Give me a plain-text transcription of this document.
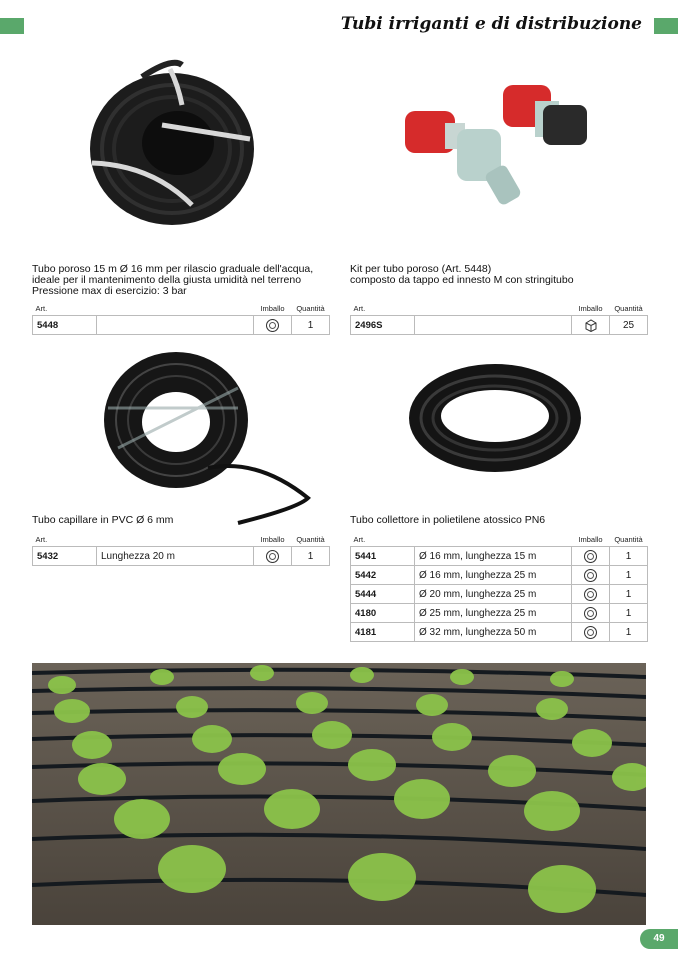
Tubi irriganti e di distribuzione
Tubo poroso 15 m Ø 16 mm per rilascio graduale dell'acqua,
ideale per il mantenimento della giusta umidità nel terreno
Pressione max di esercizio: 3 bar
Kit per tubo poroso (Art. 5448)
composto da tappo ed innesto M con stringitubo
Tubo capillare in PVC Ø 6 mm	Tubo collettore in polietilene atossico PN6
Art.		Imballo	Quantità
5448			1
Art.		Imballo	Quantità
2496S			25
Art.		Imballo	Quantità
5432	Lunghezza 20 m		1
Art.		Imballo	Quantità
5441	Ø 16 mm, lunghezza 15 m		1
5442	Ø 16 mm, lunghezza 25 m		1
5444	Ø 20 mm, lunghezza 25 m		1
4180	Ø 25 mm, lunghezza 25 m		1
4181	Ø 32 mm, lunghezza 50 m		1
49
